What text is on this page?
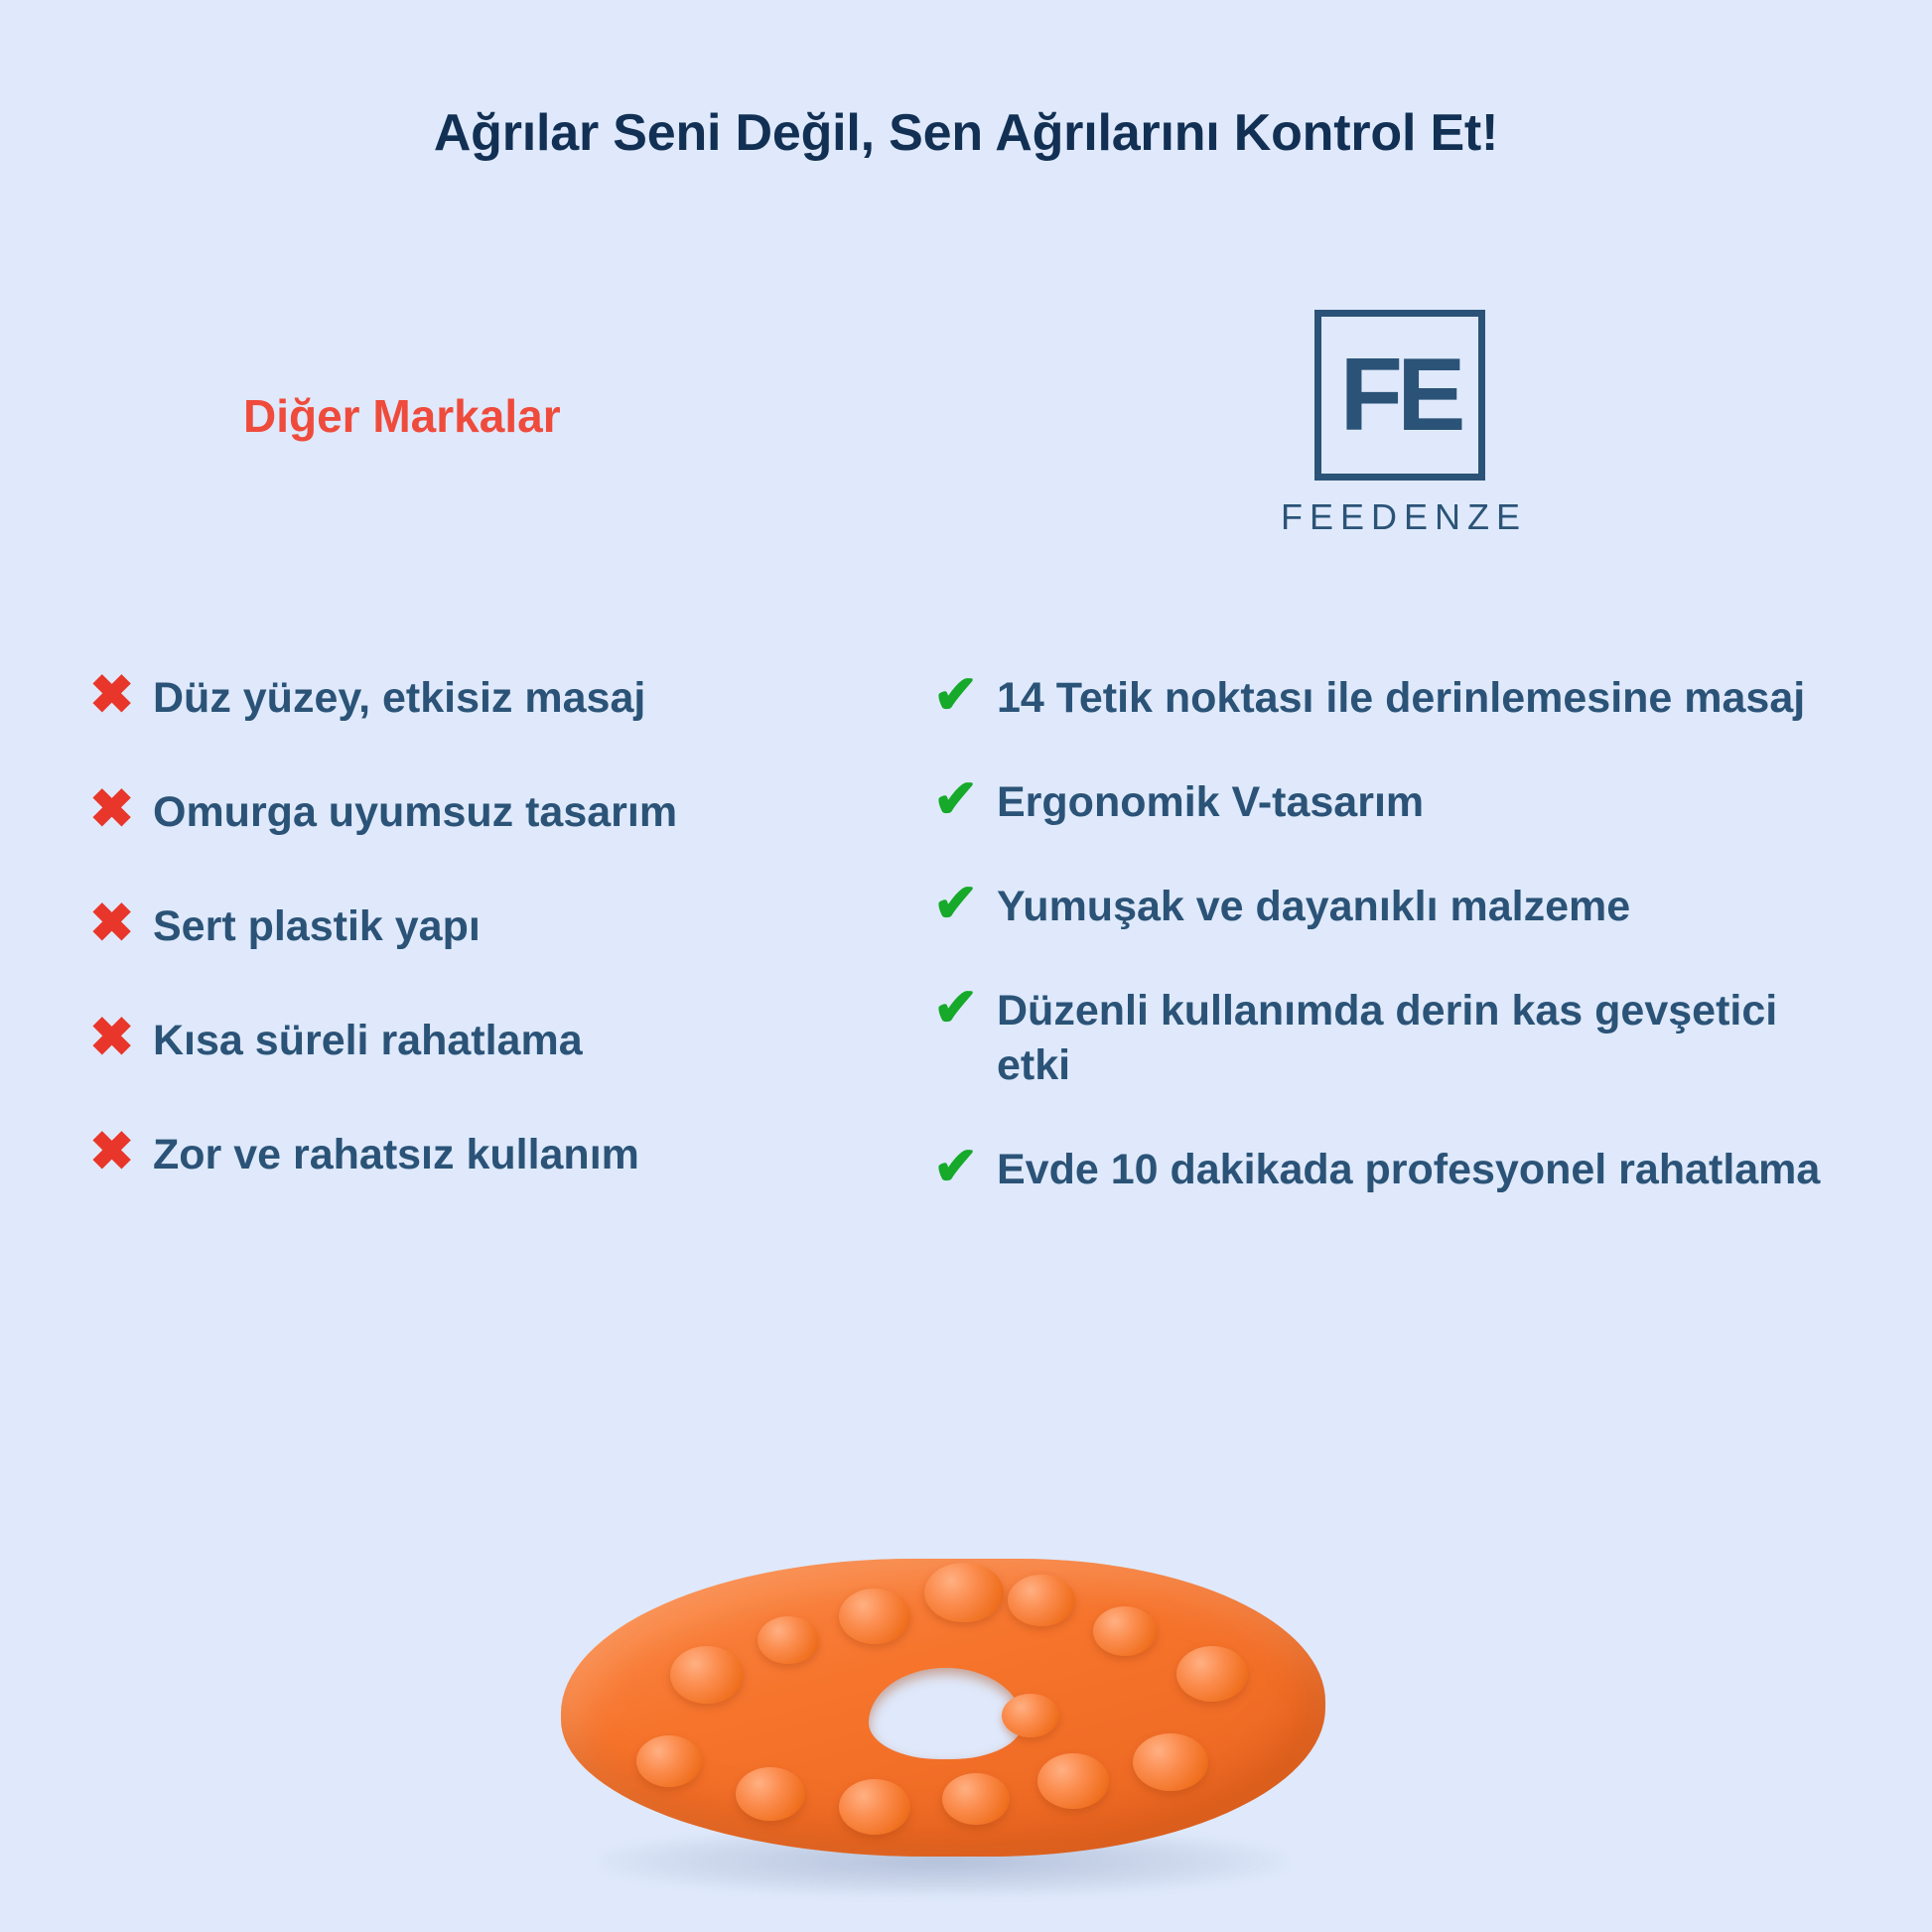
Ağrılar Seni Değil, Sen Ağrılarını Kontrol Et!
Diğer Markalar	FE
FEEDENZE
✖ Düz yüzey, etkisiz masaj
✖ Omurga uyumsuz tasarım
✖ Sert plastik yapı
✖ Kısa süreli rahatlama
✖ Zor ve rahatsız kullanım
✔ 14 Tetik noktası ile derinlemesine masaj
✔ Ergonomik V-tasarım
✔ Yumuşak ve dayanıklı malzeme
✔ Düzenli kullanımda derin kas gevşetici etki
✔ Evde 10 dakikada profesyonel rahatlama
